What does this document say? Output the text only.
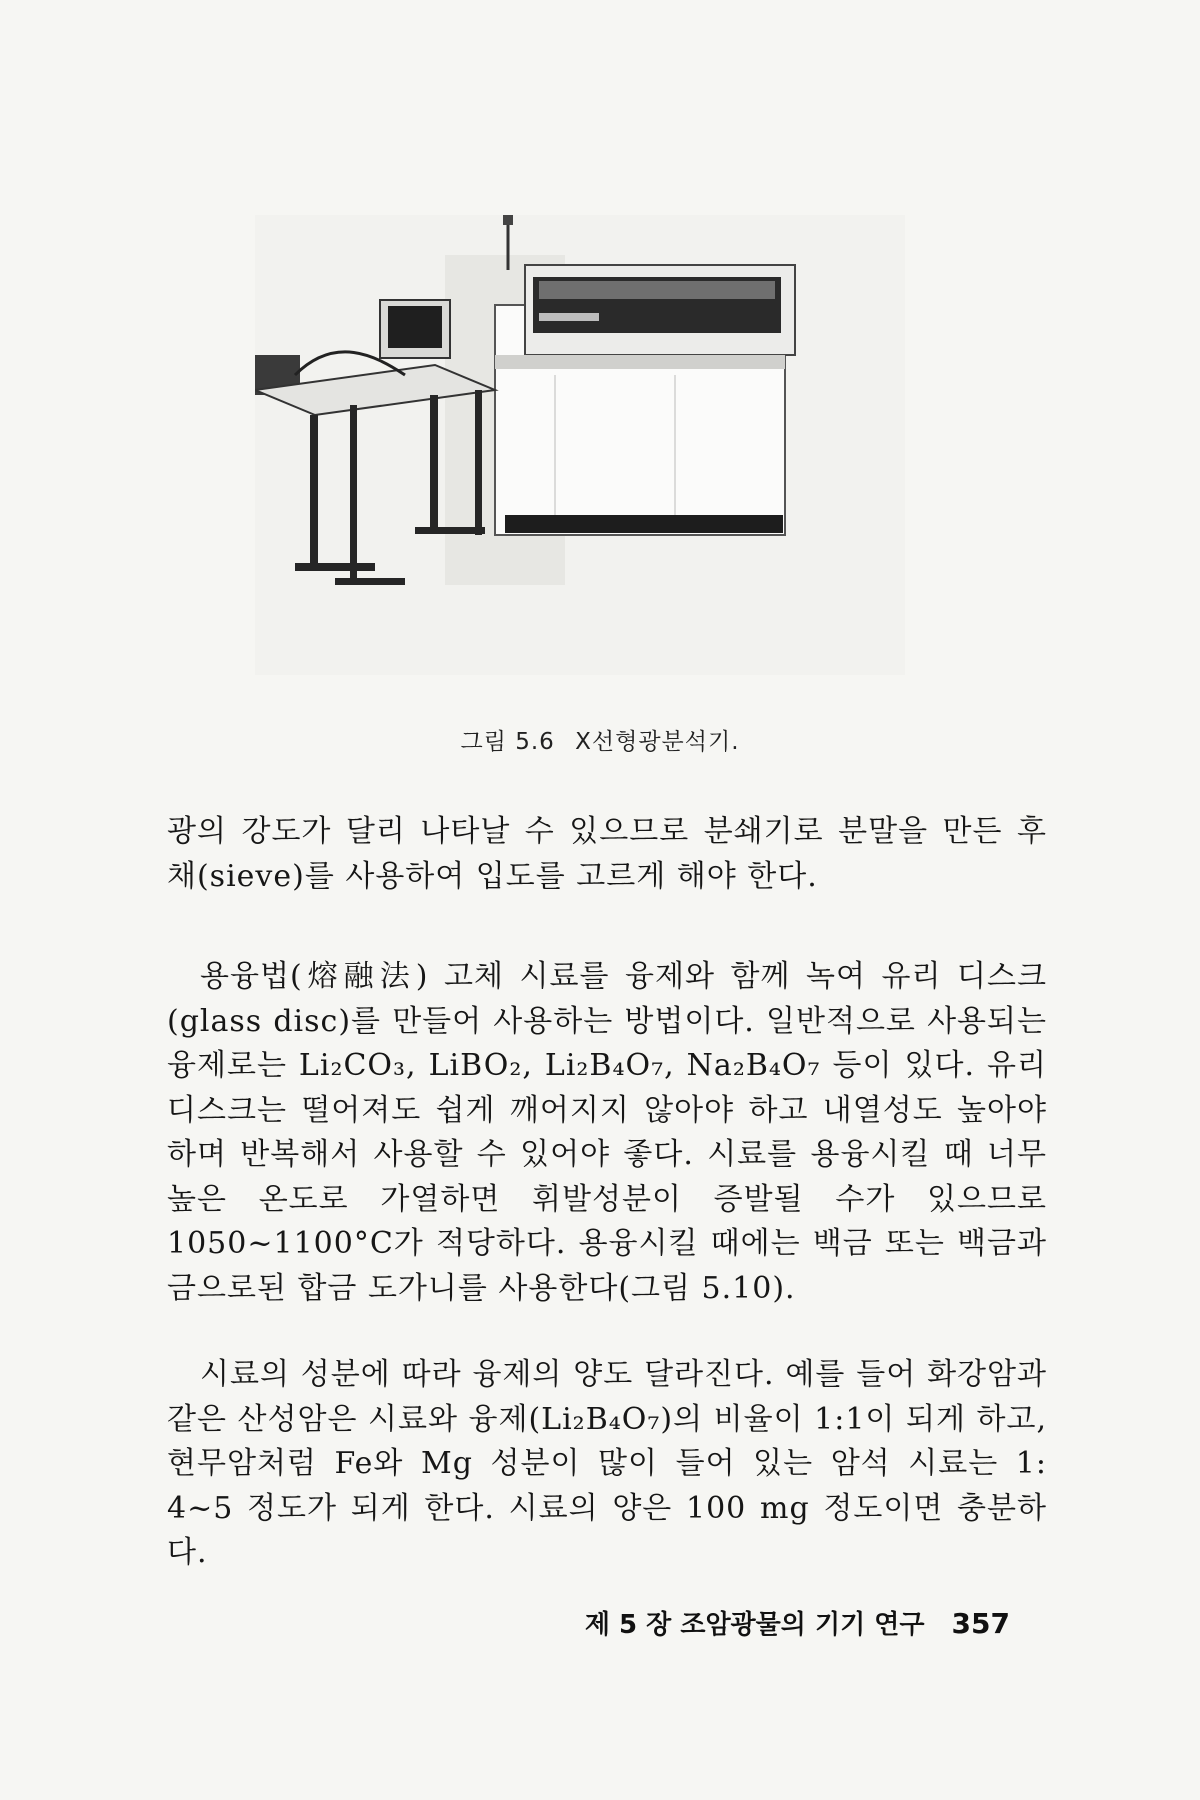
그림 5.6 X선형광분석기.

광의 강도가 달리 나타날 수 있으므로 분쇄기로 분말을 만든 후 채(sieve)를 사용하여 입도를 고르게 해야 한다.

용융법(熔融法) 고체 시료를 융제와 함께 녹여 유리 디스크(glass disc)를 만들어 사용하는 방법이다. 일반적으로 사용되는 융제로는 Li₂CO₃, LiBO₂, Li₂B₄O₇, Na₂B₄O₇ 등이 있다. 유리 디스크는 떨어져도 쉽게 깨어지지 않아야 하고 내열성도 높아야 하며 반복해서 사용할 수 있어야 좋다. 시료를 용융시킬 때 너무 높은 온도로 가열하면 휘발성분이 증발될 수가 있으므로 1050~1100°C가 적당하다. 용융시킬 때에는 백금 또는 백금과 금으로된 합금 도가니를 사용한다(그림 5.10).

시료의 성분에 따라 융제의 양도 달라진다. 예를 들어 화강암과 같은 산성암은 시료와 융제(Li₂B₄O₇)의 비율이 1:1이 되게 하고, 현무암처럼 Fe와 Mg 성분이 많이 들어 있는 암석 시료는 1: 4~5 정도가 되게 한다. 시료의 양은 100 mg 정도이면 충분하다.

제 5 장 조암광물의 기기 연구 357
